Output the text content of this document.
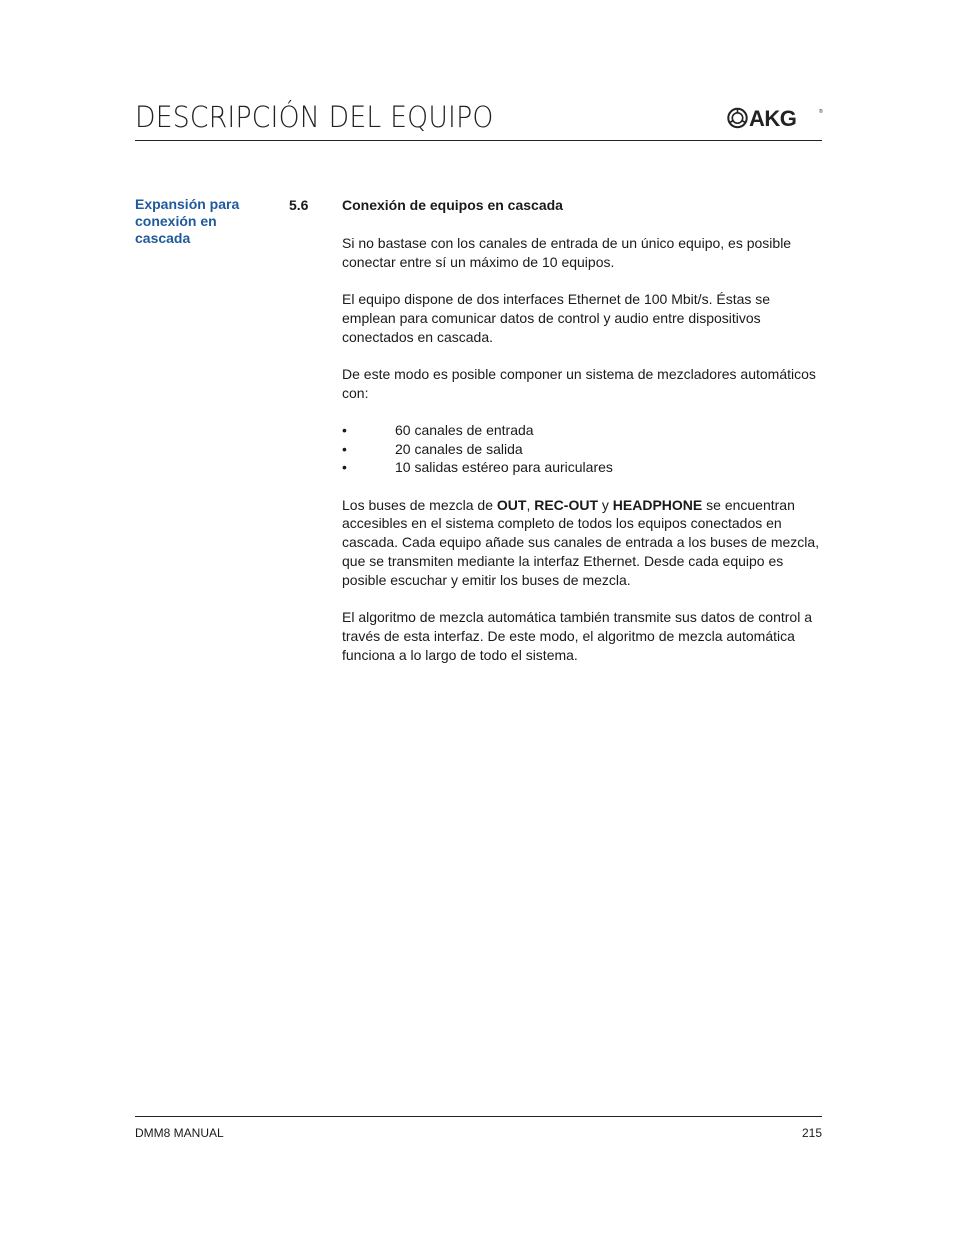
DESCRIPCIÓN DEL EQUIPO	AKG	®
Expansión para
conexión en
cascada
5.6 Conexión de equipos en cascada

Si no bastase con los canales de entrada de un único equipo, es posible conectar entre sí un máximo de 10 equipos.

El equipo dispone de dos interfaces Ethernet de 100 Mbit/s. Éstas se emplean para comunicar datos de control y audio entre dispositivos conectados en cascada.

De este modo es posible componer un sistema de mezcladores automáticos con:

•	60 canales de entrada
•	20 canales de salida
•	10 salidas estéreo para auriculares

Los buses de mezcla de OUT, REC-OUT y HEADPHONE se encuentran accesibles en el sistema completo de todos los equipos conectados en cascada. Cada equipo añade sus canales de entrada a los buses de mezcla, que se transmiten mediante la interfaz Ethernet. Desde cada equipo es posible escuchar y emitir los buses de mezcla.

El algoritmo de mezcla automática también transmite sus datos de control a través de esta interfaz. De este modo, el algoritmo de mezcla automática funciona a lo largo de todo el sistema.

DMM8 MANUAL	215
